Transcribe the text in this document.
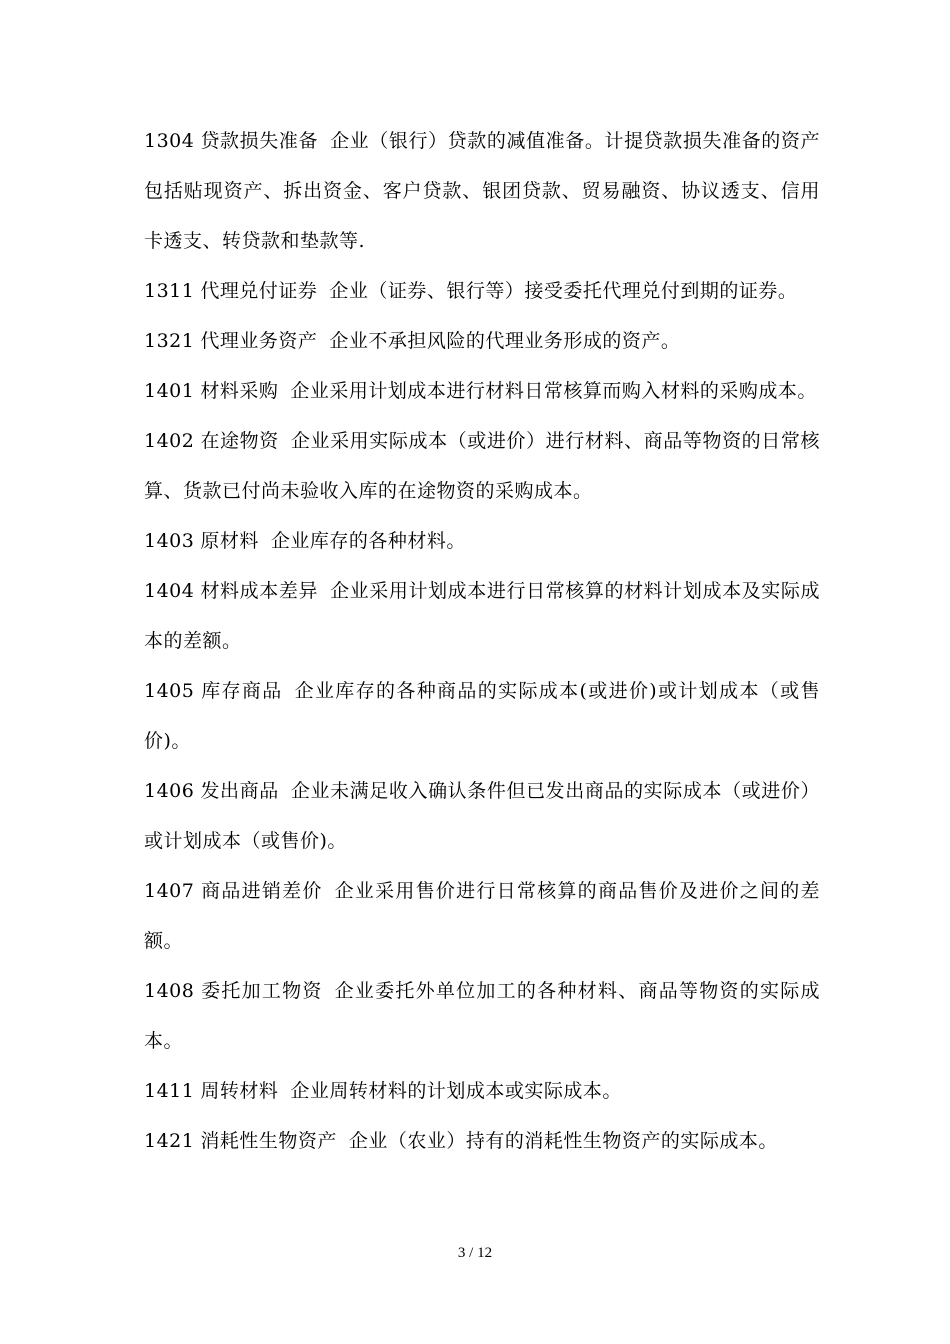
1304 贷款损失准备 企业（银行）贷款的减值准备。计提贷款损失准备的资产包括贴现资产、拆出资金、客户贷款、银团贷款、贸易融资、协议透支、信用卡透支、转贷款和垫款等.

1311 代理兑付证券 企业（证券、银行等）接受委托代理兑付到期的证券。

1321 代理业务资产 企业不承担风险的代理业务形成的资产。

1401 材料采购 企业采用计划成本进行材料日常核算而购入材料的采购成本。

1402 在途物资 企业采用实际成本（或进价）进行材料、商品等物资的日常核算、货款已付尚未验收入库的在途物资的采购成本。

1403 原材料 企业库存的各种材料。

1404 材料成本差异 企业采用计划成本进行日常核算的材料计划成本及实际成本的差额。

1405 库存商品 企业库存的各种商品的实际成本(或进价)或计划成本（或售价)。

1406 发出商品 企业未满足收入确认条件但已发出商品的实际成本（或进价）或计划成本（或售价)。

1407 商品进销差价 企业采用售价进行日常核算的商品售价及进价之间的差额。

1408 委托加工物资 企业委托外单位加工的各种材料、商品等物资的实际成本。

1411 周转材料 企业周转材料的计划成本或实际成本。

1421 消耗性生物资产 企业（农业）持有的消耗性生物资产的实际成本。

3 / 12
